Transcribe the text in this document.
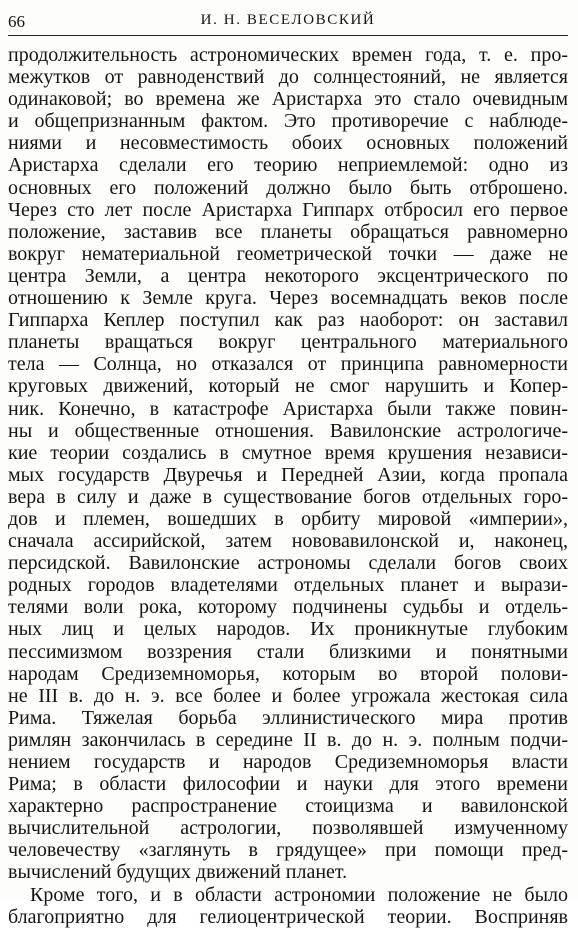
66	И. Н. ВЕСЕЛОВСКИЙ
продолжительность астрономических времен года, т. е. про-
межутков от равноденствий до солнцестояний, не является
одинаковой; во времена же Аристарха это стало очевидным
и общепризнанным фактом. Это противоречие с наблюде-
ниями и несовместимость обоих основных положений
Аристарха сделали его теорию неприемлемой: одно из
основных его положений должно было быть отброшено.
Через сто лет после Аристарха Гиппарх отбросил его первое
положение, заставив все планеты обращаться равномерно
вокруг нематериальной геометрической точки — даже не
центра Земли, а центра некоторого эксцентрического по
отношению к Земле круга. Через восемнадцать веков после
Гиппарха Кеплер поступил как раз наоборот: он заставил
планеты вращаться вокруг центрального материального
тела — Солнца, но отказался от принципа равномерности
круговых движений, который не смог нарушить и Копер-
ник. Конечно, в катастрофе Аристарха были также повин-
ны и общественные отношения. Вавилонские астрологиче-
кие теории создались в смутное время крушения независи-
мых государств Двуречья и Передней Азии, когда пропала
вера в силу и даже в существование богов отдельных горо-
дов и племен, вошедших в орбиту мировой «империи»,
сначала ассирийской, затем нововавилонской и, наконец,
персидской. Вавилонские астрономы сделали богов своих
родных городов владетелями отдельных планет и вырази-
телями воли рока, которому подчинены судьбы и отдель-
ных лиц и целых народов. Их проникнутые глубоким
пессимизмом воззрения стали близкими и понятными
народам Средиземноморья, которым во второй полови-
не III в. до н. э. все более и более угрожала жестокая сила
Рима. Тяжелая борьба эллинистического мира против
римлян закончилась в середине II в. до н. э. полным подчи-
нением государств и народов Средиземноморья власти
Рима; в области философии и науки для этого времени
характерно распространение стоицизма и вавилонской
вычислительной астрологии, позволявшей измученному
человечеству «заглянуть в грядущее» при помощи пред-
вычислений будущих движений планет.
Кроме того, и в области астрономии положение не было
благоприятно для гелиоцентрической теории. Восприняв
